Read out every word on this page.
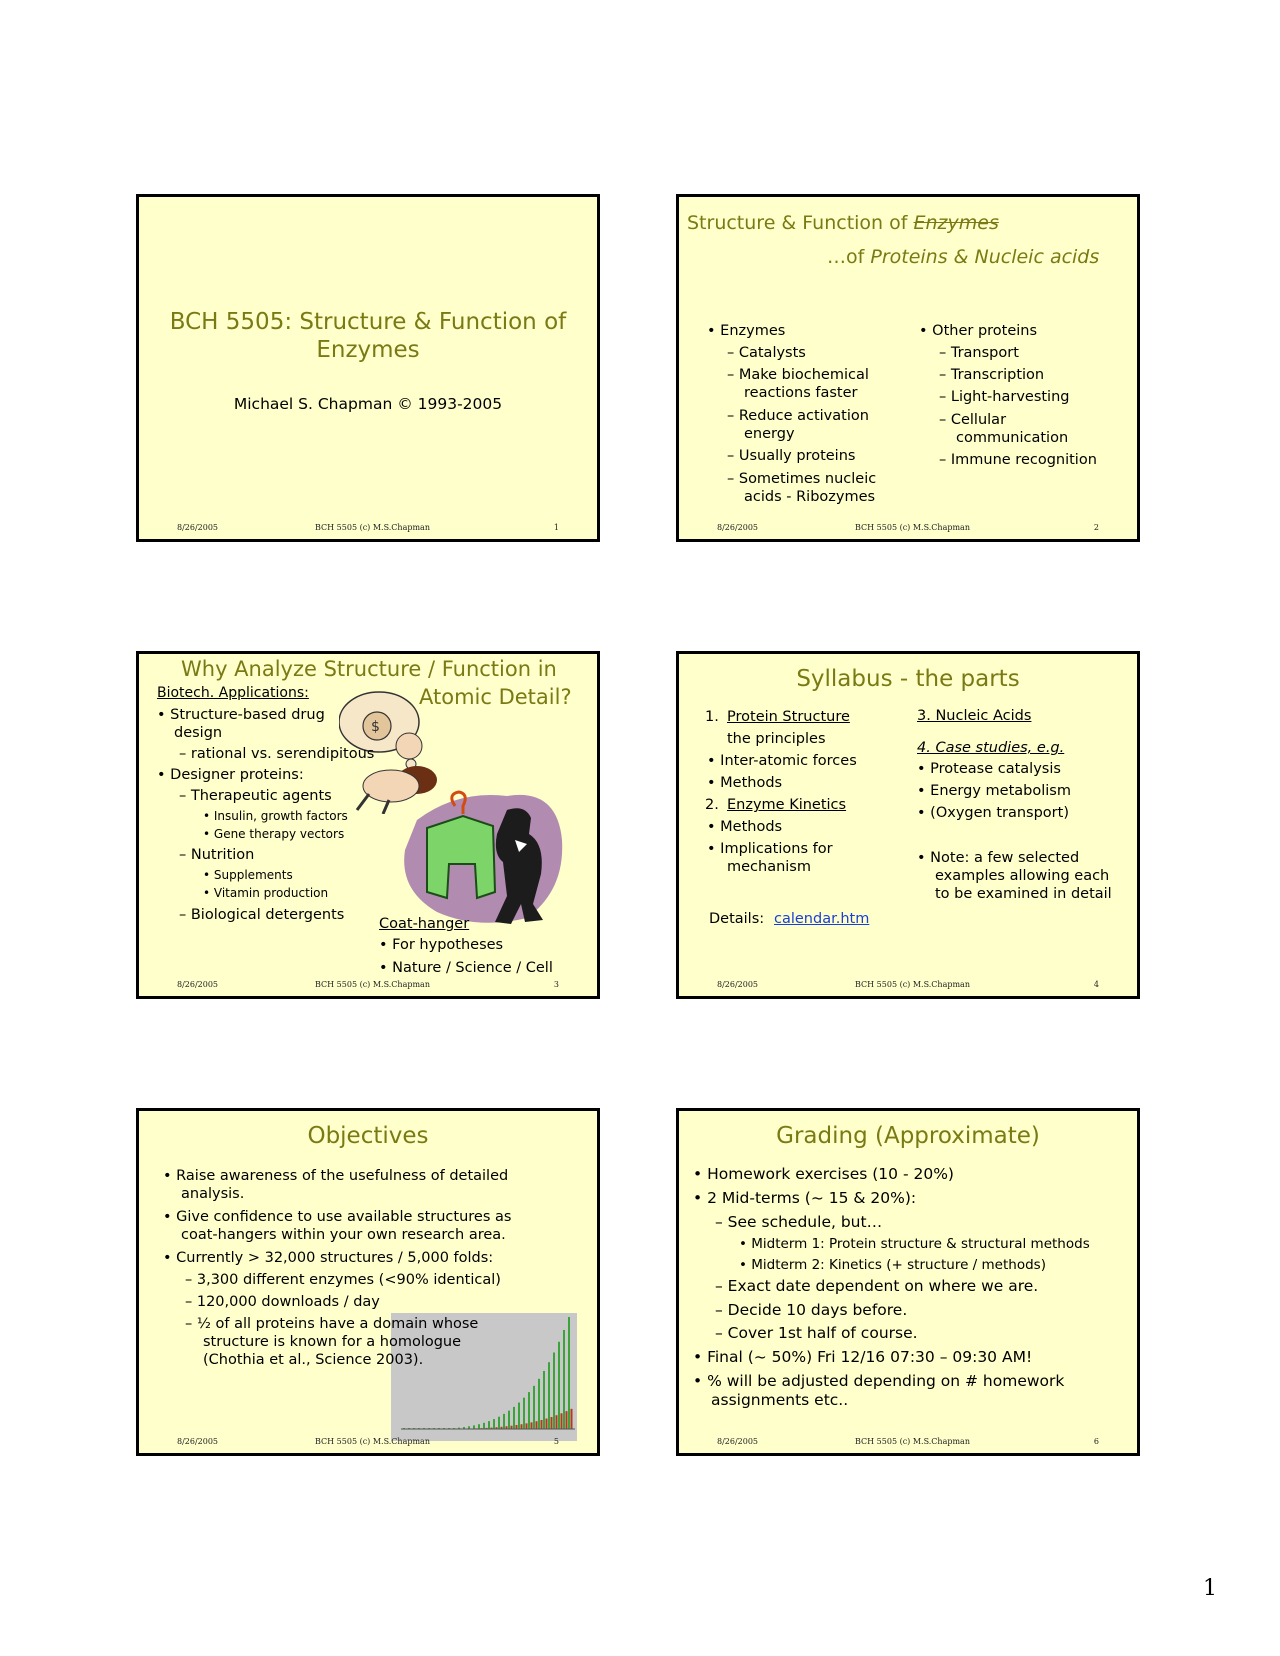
BCH 5505: Structure & Function of
Enzymes
Michael S. Chapman © 1993-2005
8/26/2005	BCH 5505 (c) M.S.Chapman	1
Structure & Function of Enzymes
…of Proteins & Nucleic acids
• Enzymes
– Catalysts
– Make biochemical
reactions faster
– Reduce activation
energy
– Usually proteins
– Sometimes nucleic
acids - Ribozymes
• Other proteins
– Transport
– Transcription
– Light-harvesting
– Cellular
communication
– Immune recognition
8/26/2005	BCH 5505 (c) M.S.Chapman	2
Why Analyze Structure / Function in
Atomic Detail?
Biotech. Applications:
$
• Structure-based drug
design
– rational vs. serendipitous
• Designer proteins:
– Therapeutic agents
• Insulin, growth factors
• Gene therapy vectors
– Nutrition
• Supplements
• Vitamin production
– Biological detergents
Coat-hanger
• For hypotheses
• Nature / Science / Cell
8/26/2005	BCH 5505 (c) M.S.Chapman	3
Syllabus - the parts
1. Protein Structure
the principles
• Inter-atomic forces
• Methods
2. Enzyme Kinetics
• Methods
• Implications for
mechanism
3. Nucleic Acids
4. Case studies, e.g.
• Protease catalysis
• Energy metabolism
• (Oxygen transport)
• Note: a few selected
examples allowing each
to be examined in detail
Details: calendar.htm
8/26/2005	BCH 5505 (c) M.S.Chapman	4
Objectives
• Raise awareness of the usefulness of detailed
analysis.
• Give confidence to use available structures as
coat-hangers within your own research area.
• Currently > 32,000 structures / 5,000 folds:
– 3,300 different enzymes (<90% identical)
– 120,000 downloads / day
– ½ of all proteins have a domain whose
structure is known for a homologue
(Chothia et al., Science 2003).
8/26/2005	BCH 5505 (c) M.S.Chapman	5
Grading (Approximate)
• Homework exercises (10 - 20%)
• 2 Mid-terms (~ 15 & 20%):
– See schedule, but…
• Midterm 1: Protein structure & structural methods
• Midterm 2: Kinetics (+ structure / methods)
– Exact date dependent on where we are.
– Decide 10 days before.
– Cover 1st half of course.
• Final (~ 50%) Fri 12/16 07:30 – 09:30 AM!
• % will be adjusted depending on # homework
assignments etc..
8/26/2005	BCH 5505 (c) M.S.Chapman	6
1
